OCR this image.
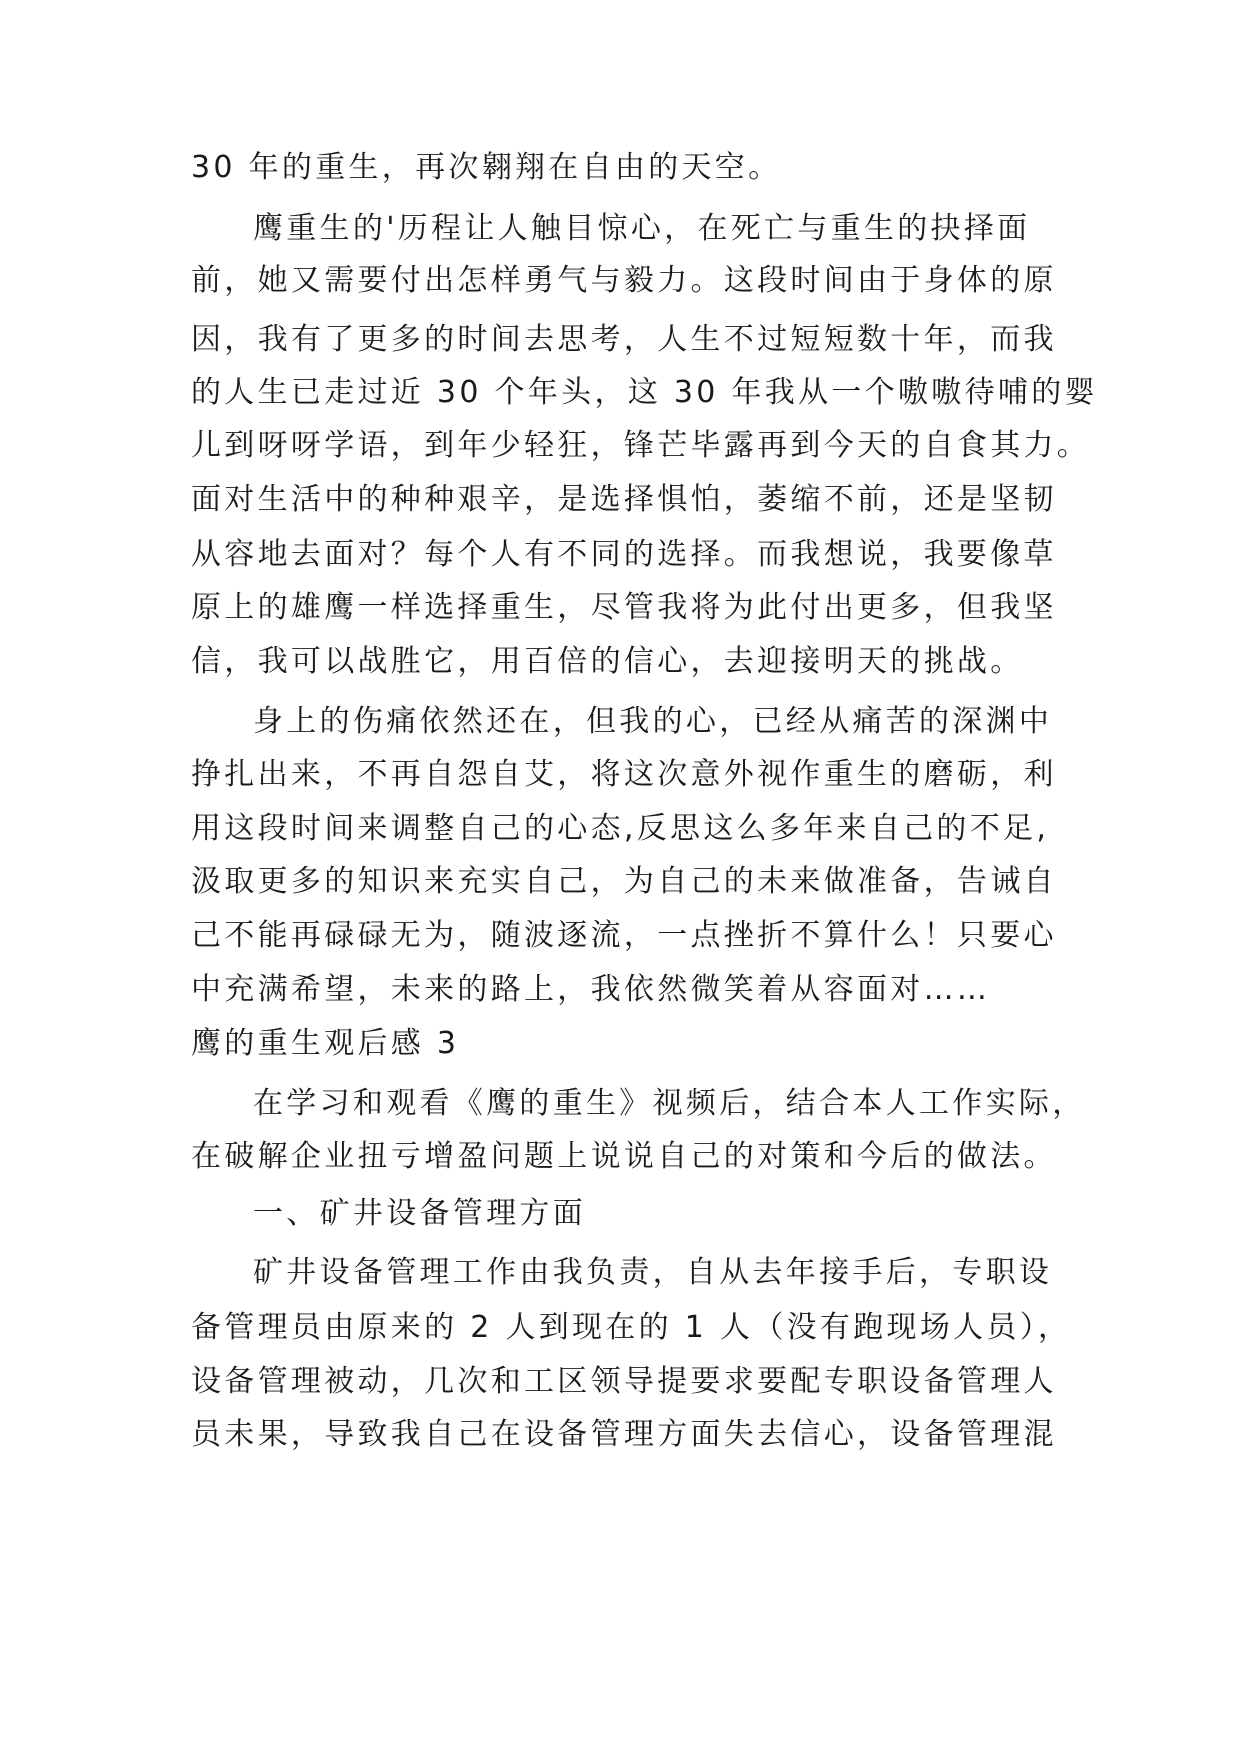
30 年的重生，再次翱翔在自由的天空。
鹰重生的'历程让人触目惊心，在死亡与重生的抉择面
前，她又需要付出怎样勇气与毅力。这段时间由于身体的原
因，我有了更多的时间去思考，人生不过短短数十年，而我
的人生已走过近 30 个年头，这 30 年我从一个嗷嗷待哺的婴
儿到呀呀学语，到年少轻狂，锋芒毕露再到今天的自食其力。
面对生活中的种种艰辛，是选择惧怕，萎缩不前，还是坚韧
从容地去面对？每个人有不同的选择。而我想说，我要像草
原上的雄鹰一样选择重生，尽管我将为此付出更多，但我坚
信，我可以战胜它，用百倍的信心，去迎接明天的挑战。
身上的伤痛依然还在，但我的心，已经从痛苦的深渊中
挣扎出来，不再自怨自艾，将这次意外视作重生的磨砺，利
用这段时间来调整自己的心态,反思这么多年来自己的不足,
汲取更多的知识来充实自己，为自己的未来做准备，告诫自
己不能再碌碌无为，随波逐流，一点挫折不算什么！只要心
中充满希望，未来的路上，我依然微笑着从容面对……
鹰的重生观后感 3
在学习和观看《鹰的重生》视频后，结合本人工作实际，
在破解企业扭亏增盈问题上说说自己的对策和今后的做法。
一、矿井设备管理方面
矿井设备管理工作由我负责，自从去年接手后，专职设
备管理员由原来的 2 人到现在的 1 人（没有跑现场人员），
设备管理被动，几次和工区领导提要求要配专职设备管理人
员未果，导致我自己在设备管理方面失去信心，设备管理混
